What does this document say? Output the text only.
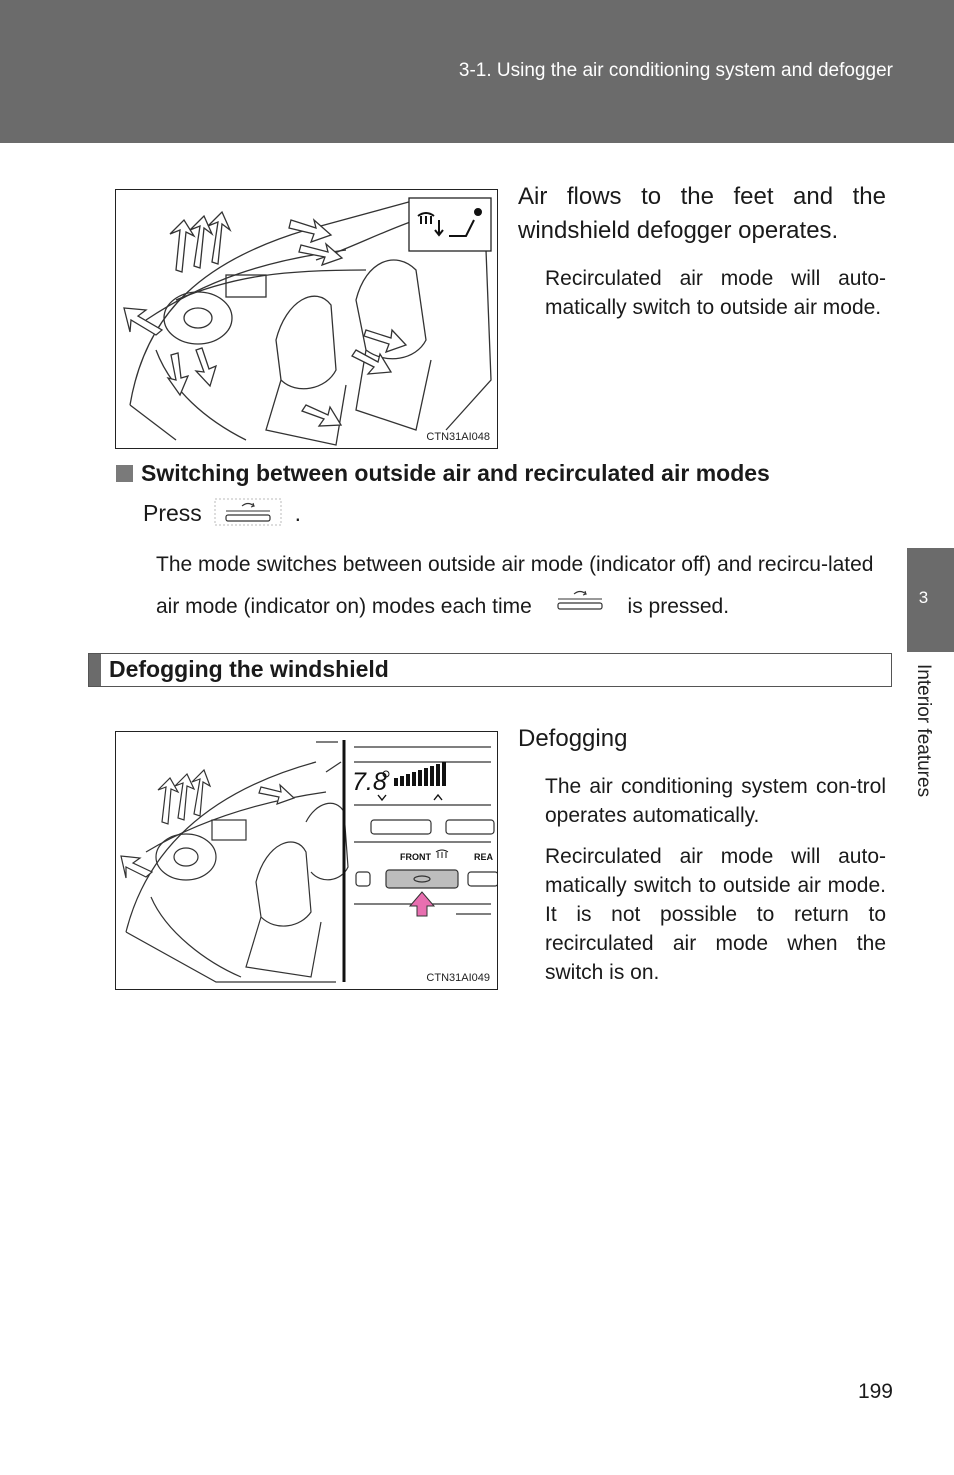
3-1. Using the air conditioning system and defogger
3
Interior features
CTN31AI048
Air flows to the feet and the windshield defogger operates.
Recirculated air mode will auto-matically switch to outside air mode.
Switching between outside air and recirculated air modes
Press	.
The mode switches between outside air mode (indicator off) and recircu-lated air mode (indicator on) modes each time	is pressed.
Defogging the windshield
7.8
FRONT	REA
CTN31AI049
Defogging
The air conditioning system con-trol operates automatically.
Recirculated air mode will auto-matically switch to outside air mode. It is not possible to return to recirculated air mode when the switch is on.
199
